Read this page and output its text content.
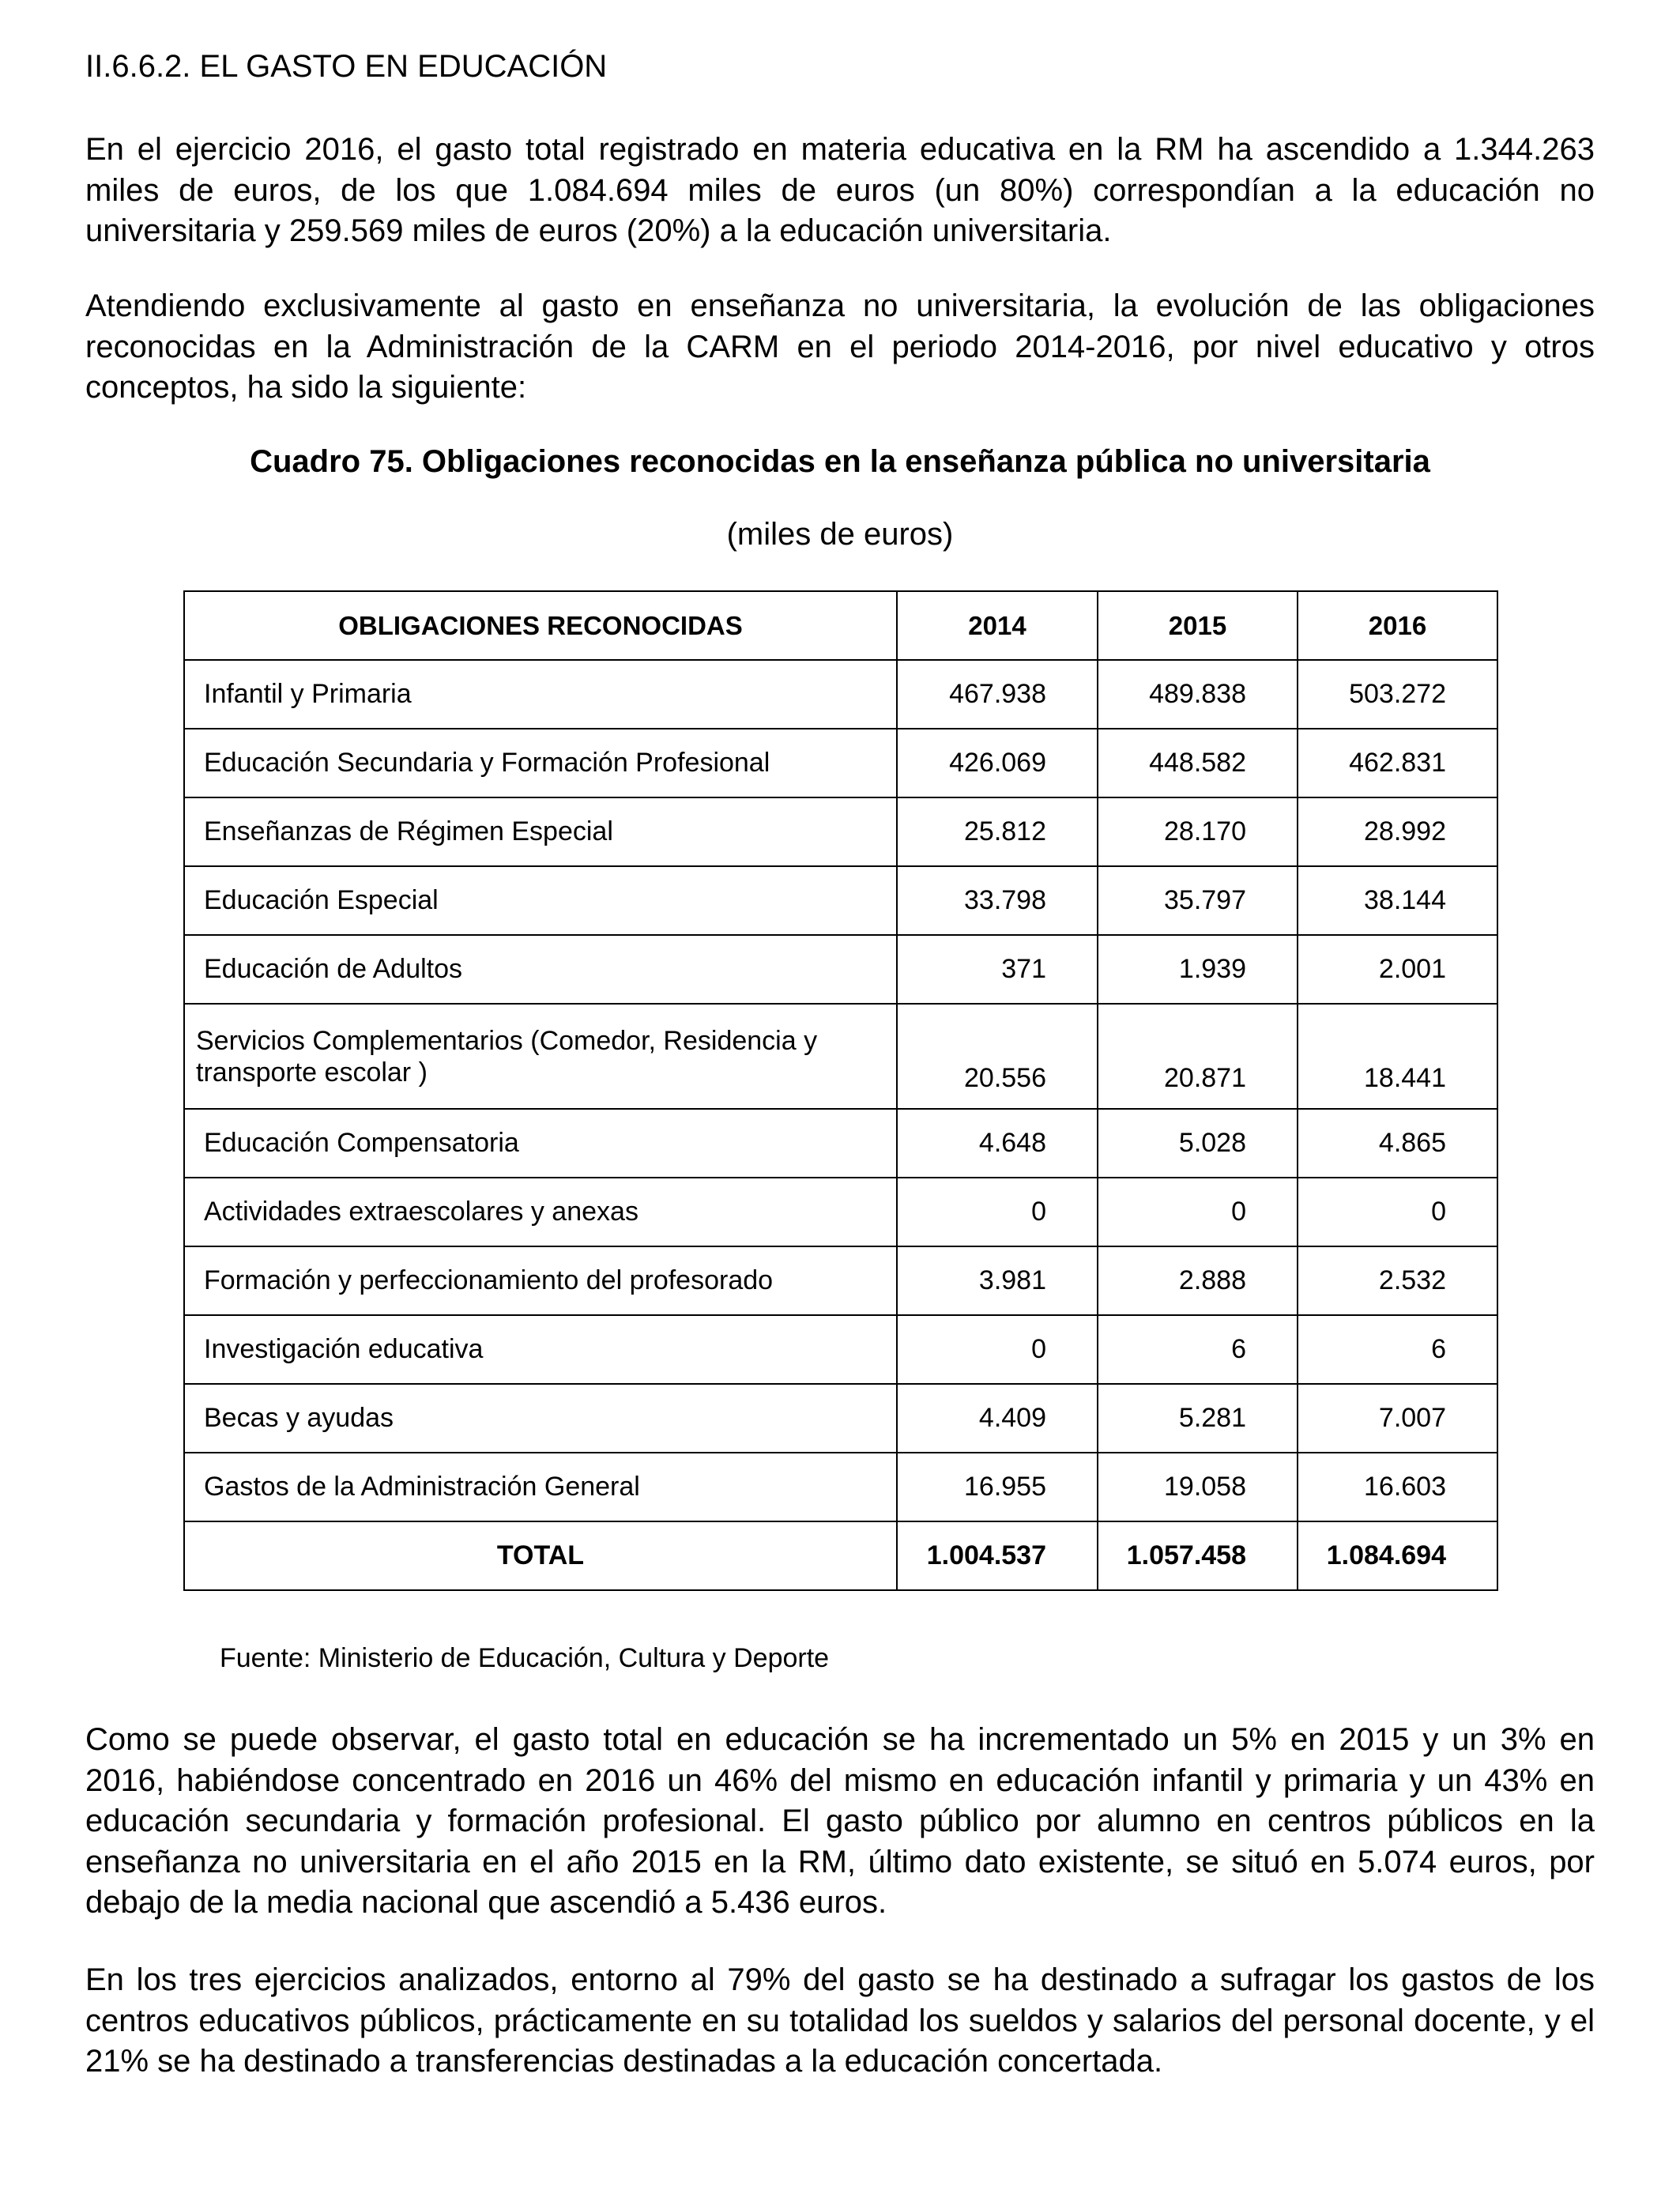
II.6.6.2. EL GASTO EN EDUCACIÓN

En el ejercicio 2016, el gasto total registrado en materia educativa en la RM ha ascendido a 1.344.263 miles de euros, de los que 1.084.694 miles de euros (un 80%) correspondían a la educación no universitaria y 259.569 miles de euros (20%) a la educación universitaria.

Atendiendo exclusivamente al gasto en enseñanza no universitaria, la evolución de las obligaciones reconocidas en la Administración de la CARM en el periodo 2014-2016, por nivel educativo y otros conceptos, ha sido la siguiente:

Cuadro 75. Obligaciones reconocidas en la enseñanza pública no universitaria

(miles de euros)

OBLIGACIONES RECONOCIDAS	2014	2015	2016
Infantil y Primaria	467.938	489.838	503.272
Educación Secundaria y Formación Profesional	426.069	448.582	462.831
Enseñanzas de Régimen Especial	25.812	28.170	28.992
Educación Especial	33.798	35.797	38.144
Educación de Adultos	371	1.939	2.001
Servicios Complementarios (Comedor, Residencia y
transporte escolar )	20.556	20.871	18.441
Educación Compensatoria	4.648	5.028	4.865
Actividades extraescolares y anexas	0	0	0
Formación y perfeccionamiento del profesorado	3.981	2.888	2.532
Investigación educativa	0	6	6
Becas y ayudas	4.409	5.281	7.007
Gastos de la Administración General	16.955	19.058	16.603
TOTAL	1.004.537	1.057.458	1.084.694

Fuente: Ministerio de Educación, Cultura y Deporte

Como se puede observar, el gasto total en educación se ha incrementado un 5% en 2015 y un 3% en 2016, habiéndose concentrado en 2016 un 46% del mismo en educación infantil y primaria y un 43% en educación secundaria y formación profesional. El gasto público por alumno en centros públicos en la enseñanza no universitaria en el año 2015 en la RM, último dato existente, se situó en 5.074 euros, por debajo de la media nacional que ascendió a 5.436 euros.

En los tres ejercicios analizados, entorno al 79% del gasto se ha destinado a sufragar los gastos de los centros educativos públicos, prácticamente en su totalidad los sueldos y salarios del personal docente, y el 21% se ha destinado a transferencias destinadas a la educación concertada.
